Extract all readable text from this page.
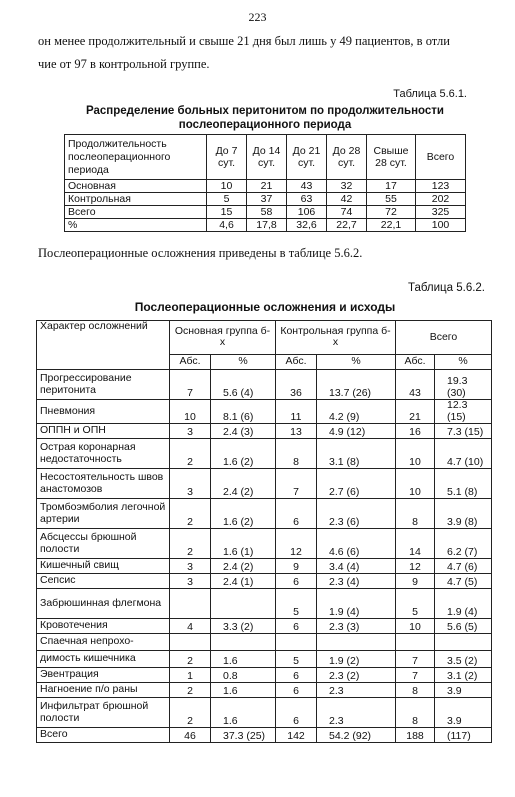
223
он менее продолжительный и свыше 21 дня был лишь у 49 пациентов, в отли
чие от 97 в контрольной группе.
Таблица 5.6.1.
Распределение больных перитонитом по продолжительности
послеоперационного периода
Продолжительность послеоперационного периода	До 7 сут.	До 14 сут.	До 21 сут.	До 28 сут.	Свыше 28 сут.	Всего
Основная	10	21	43	32	17	123
Контрольная	5	37	63	42	55	202
Всего	15	58	106	74	72	325
%	4,6	17,8	32,6	22,7	22,1	100
Послеоперационные осложнения приведены в таблице 5.6.2.
Таблица 5.6.2.
Послеоперационные осложнения и исходы
Характер осложнений	Основная группа б-х		Контрольная группа б-х		Всего	
	Абс.	%	Абс.	%	Абс.	%
Прогрессирование перитонита	7	5.6 (4)	36	13.7 (26)	43	19.3 (30)
Пневмония	10	8.1 (6)	11	4.2 (9)	21	12.3 (15)
ОППН и ОПН	3	2.4 (3)	13	4.9 (12)	16	7.3 (15)
Острая коронарная недостаточность	2	1.6 (2)	8	3.1 (8)	10	4.7 (10)
Несостоятельность швов анастомозов	3	2.4 (2)	7	2.7 (6)	10	5.1 (8)
Тромбоэмболия легочной артерии	2	1.6 (2)	6	2.3 (6)	8	3.9 (8)
Абсцессы брюшной полости	2	1.6 (1)	12	4.6 (6)	14	6.2 (7)
Кишечный свищ	3	2.4 (2)	9	3.4 (4)	12	4.7 (6)
Сепсис	3	2.4 (1)	6	2.3 (4)	9	4.7 (5)
Забрюшинная флегмона			5	1.9 (4)	5	1.9 (4)
Кровотечения	4	3.3 (2)	6	2.3 (3)	10	5.6 (5)
Спаечная непрохо-						
димость кишечника	2	1.6	5	1.9 (2)	7	3.5 (2)
Эвентрация	1	0.8	6	2.3 (2)	7	3.1 (2)
Нагноение п/о раны	2	1.6	6	2.3	8	3.9
Инфильтрат брюшной полости	2	1.6	6	2.3	8	3.9
Всего	46	37.3 (25)	142	54.2 (92)	188	(117)
